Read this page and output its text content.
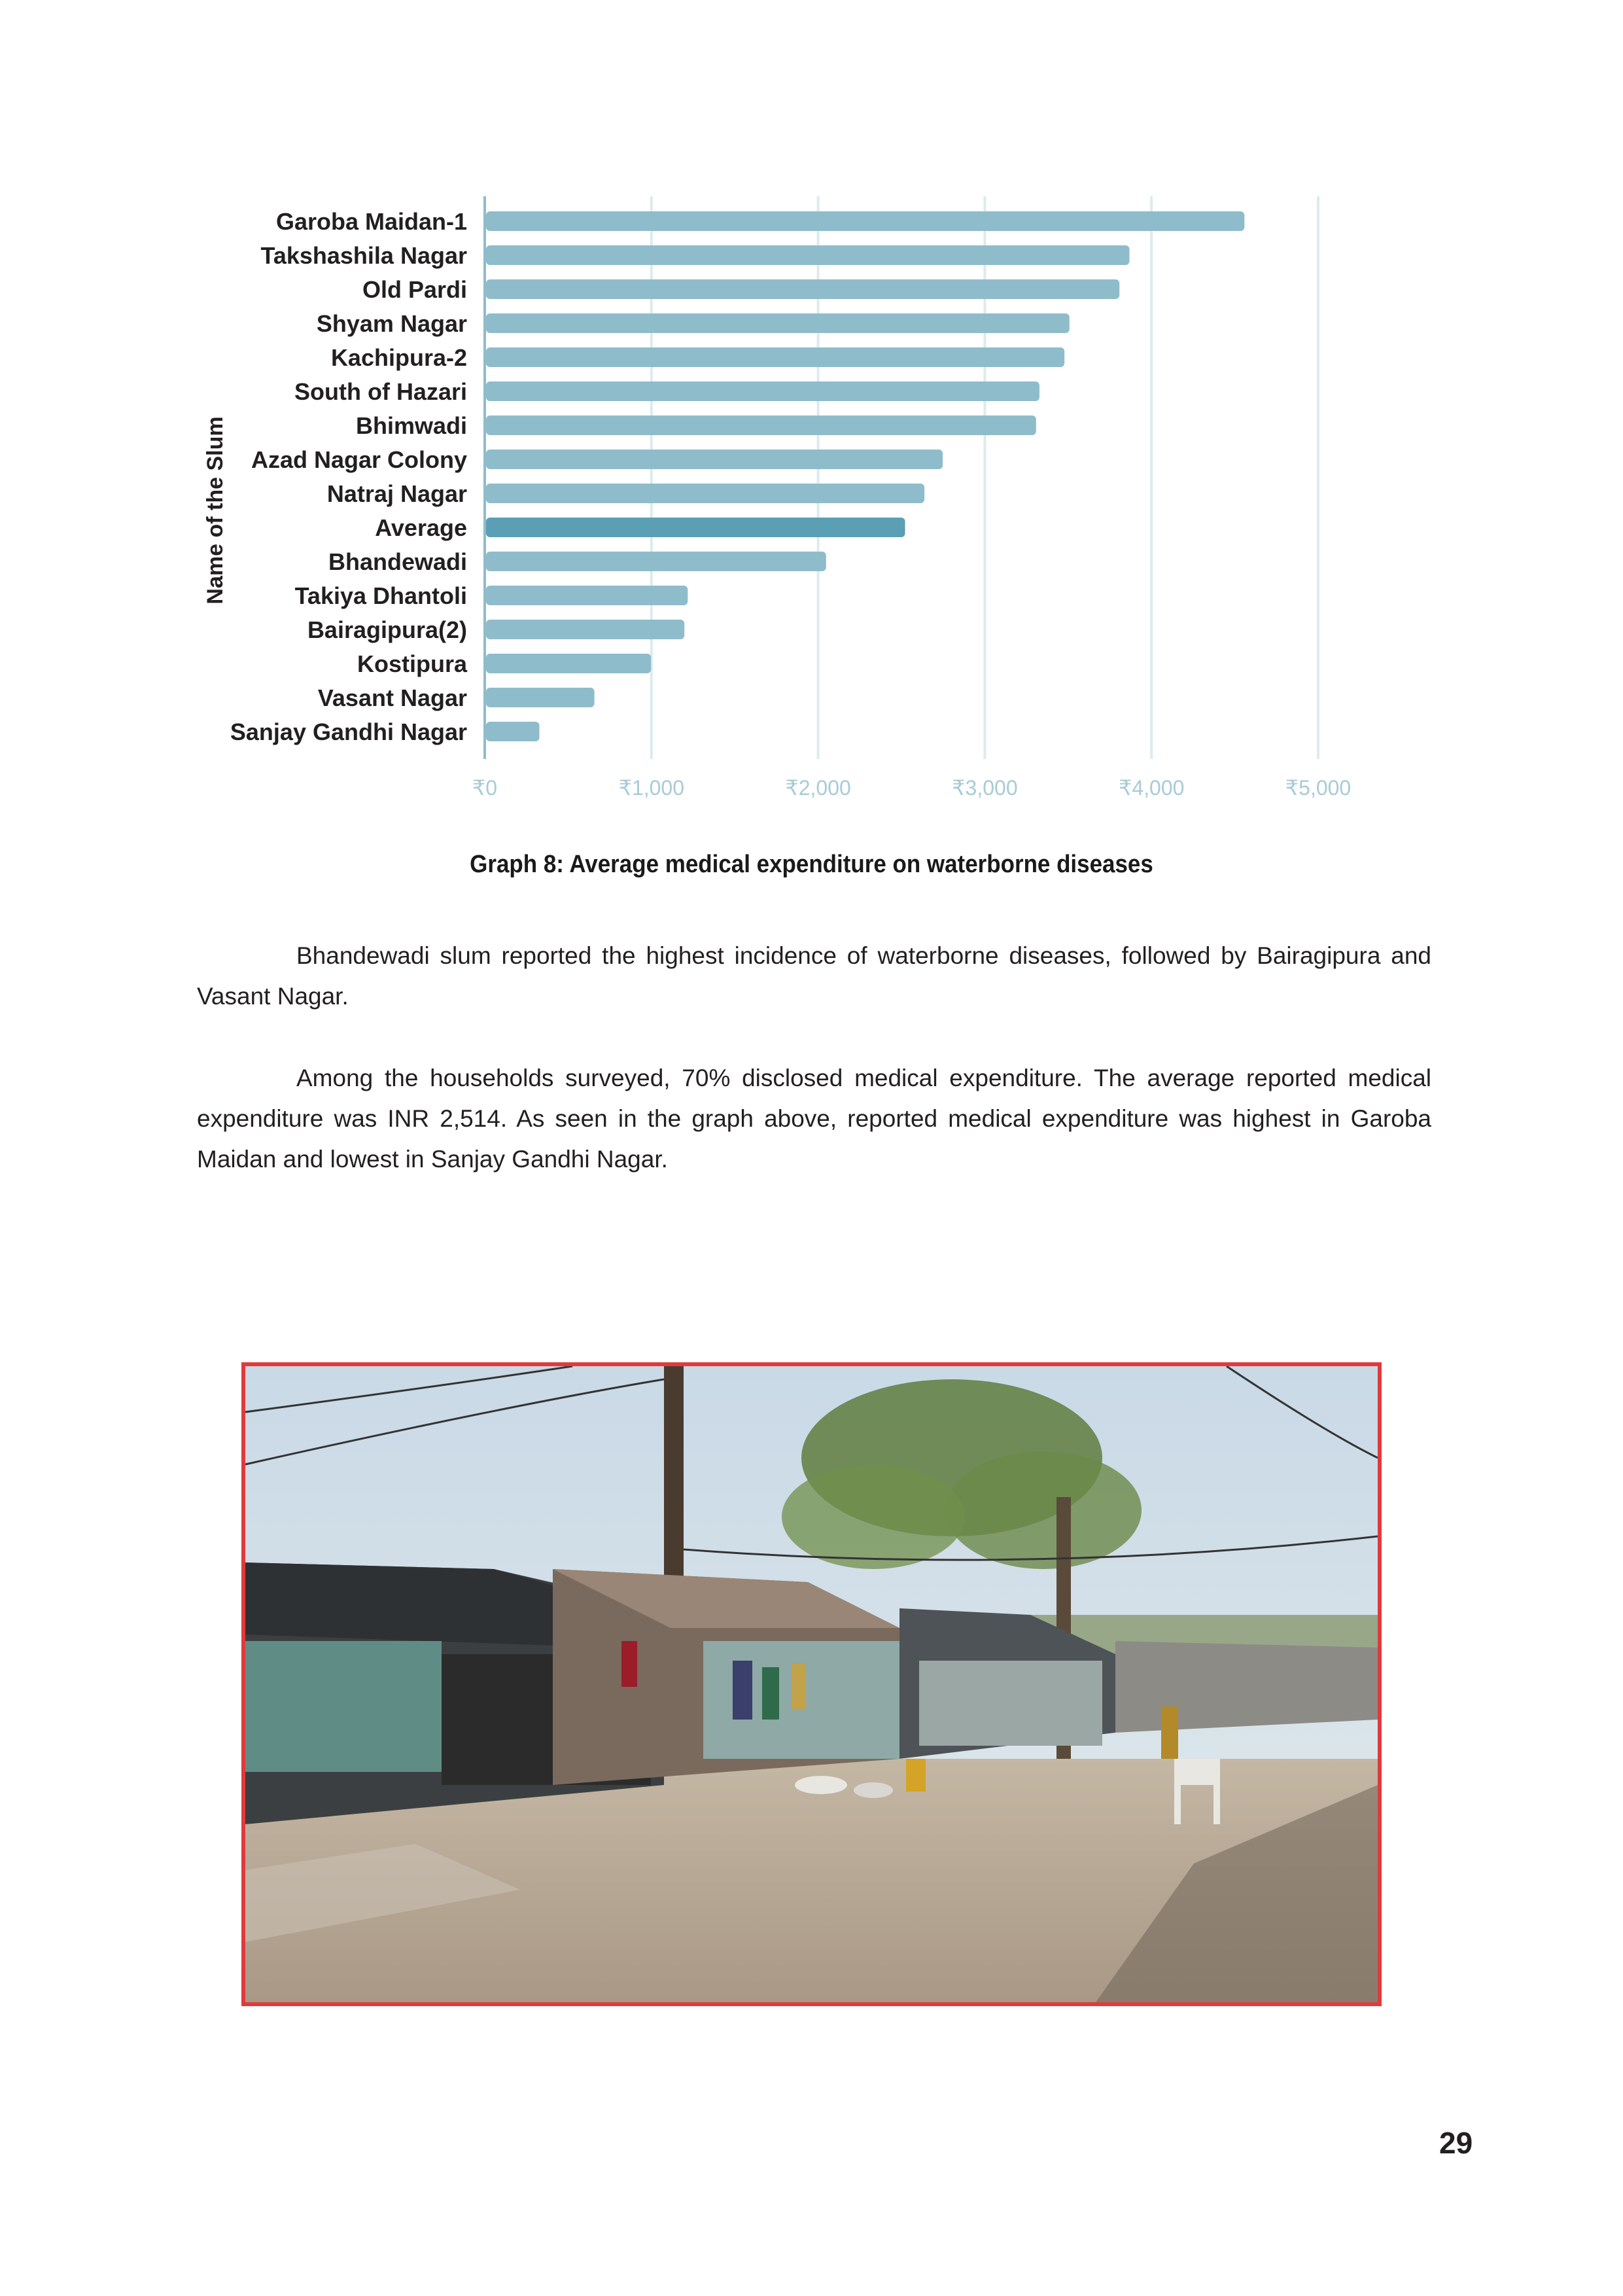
₹0	₹1,000	₹2,000	₹3,000	₹4,000	₹5,000
Garoba Maidan-1
Takshashila Nagar
Old Pardi
Shyam Nagar
Kachipura-2
South of Hazari
Bhimwadi
Azad Nagar Colony
Natraj Nagar
Average
Bhandewadi
Takiya Dhantoli
Bairagipura(2)
Kostipura
Vasant Nagar
Sanjay Gandhi Nagar
Name of the Slum
Graph 8: Average medical expenditure on waterborne diseases

Bhandewadi slum reported the highest incidence of waterborne diseases, followed by Bairagipura and Vasant Nagar.

Among the households surveyed, 70% disclosed medical expenditure. The average reported medical expenditure was INR 2,514. As seen in the graph above, reported medical expenditure was highest in Garoba Maidan and lowest in Sanjay Gandhi Nagar.

29
